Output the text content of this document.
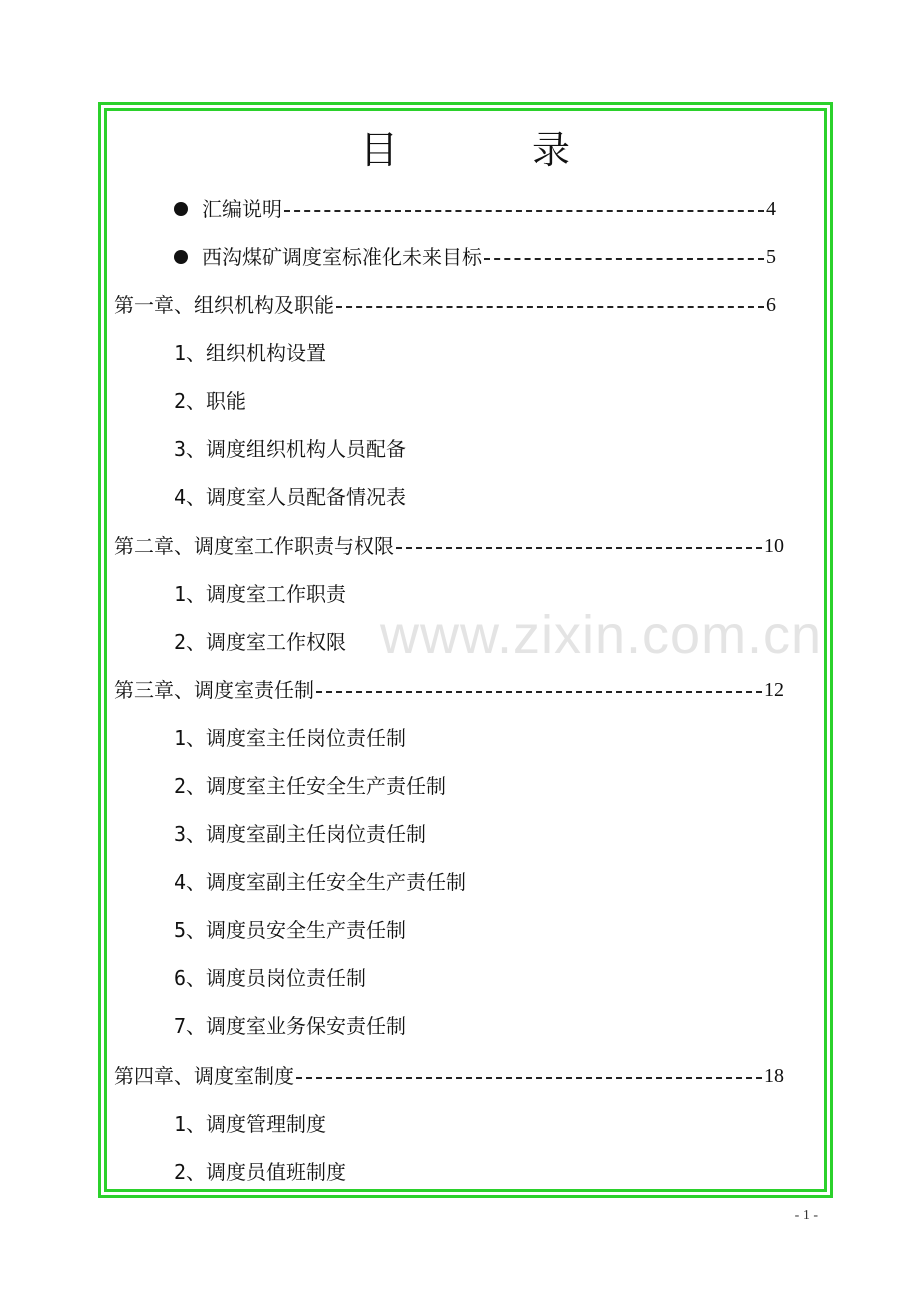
目	录
www.zixin.com.cn
汇编说明	4
西沟煤矿调度室标准化未来目标	5
第一章、组织机构及职能	6
1、组织机构设置
2、职能
3、调度组织机构人员配备
4、调度室人员配备情况表
第二章、调度室工作职责与权限	10
1、调度室工作职责
2、调度室工作权限
第三章、调度室责任制	12
1、调度室主任岗位责任制
2、调度室主任安全生产责任制
3、调度室副主任岗位责任制
4、调度室副主任安全生产责任制
5、调度员安全生产责任制
6、调度员岗位责任制
7、调度室业务保安责任制
第四章、调度室制度	18
1、调度管理制度
2、调度员值班制度
- 1 -
